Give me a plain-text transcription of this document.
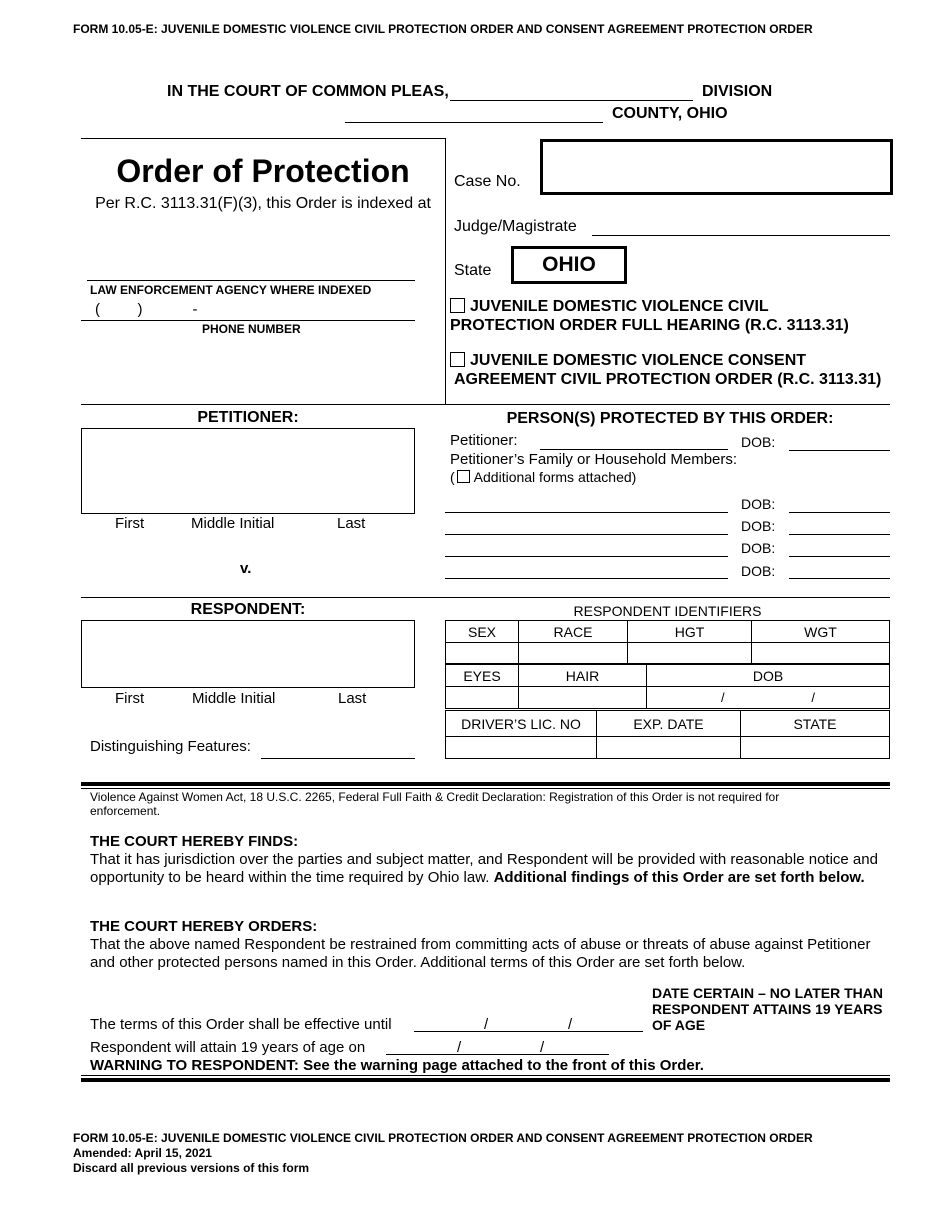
FORM 10.05-E: JUVENILE DOMESTIC VIOLENCE CIVIL PROTECTION ORDER AND CONSENT AGREEMENT PROTECTION ORDER
IN THE COURT OF COMMON PLEAS,	DIVISION
COUNTY, OHIO
Order of Protection
Per R.C. 3113.31(F)(3), this Order is indexed at
LAW ENFORCEMENT AGENCY WHERE INDEXED
(         )            -
PHONE NUMBER
Case No.
Judge/Magistrate
State	OHIO
JUVENILE DOMESTIC VIOLENCE CIVIL
PROTECTION ORDER FULL HEARING (R.C. 3113.31)
JUVENILE DOMESTIC VIOLENCE CONSENT
AGREEMENT CIVIL PROTECTION ORDER (R.C. 3113.31)
PETITIONER:
First	Middle Initial	Last
v.
PERSON(S) PROTECTED BY THIS ORDER:
Petitioner:	DOB:
Petitioner’s Family or Household Members:
( Additional forms attached)
DOB:
DOB:
DOB:
DOB:
RESPONDENT:
First	Middle Initial	Last
Distinguishing Features:
RESPONDENT IDENTIFIERS
SEX	RACE	HGT	WGT

EYES	HAIR	DOB
		/                        /
DRIVER’S LIC. NO	EXP. DATE	STATE

Violence Against Women Act, 18 U.S.C. 2265, Federal Full Faith & Credit Declaration: Registration of this Order is not required for enforcement.
THE COURT HEREBY FINDS:
That it has jurisdiction over the parties and subject matter, and Respondent will be provided with reasonable notice and opportunity to be heard within the time required by Ohio law. Additional findings of this Order are set forth below.
THE COURT HEREBY ORDERS:
That the above named Respondent be restrained from committing acts of abuse or threats of abuse against Petitioner and other protected persons named in this Order. Additional terms of this Order are set forth below.
DATE CERTAIN – NO LATER THAN RESPONDENT ATTAINS 19 YEARS OF AGE
The terms of this Order shall be effective until	/	/
Respondent will attain 19 years of age on	/	/
WARNING TO RESPONDENT: See the warning page attached to the front of this Order.
FORM 10.05-E: JUVENILE DOMESTIC VIOLENCE CIVIL PROTECTION ORDER AND CONSENT AGREEMENT PROTECTION ORDER
Amended: April 15, 2021
Discard all previous versions of this form
